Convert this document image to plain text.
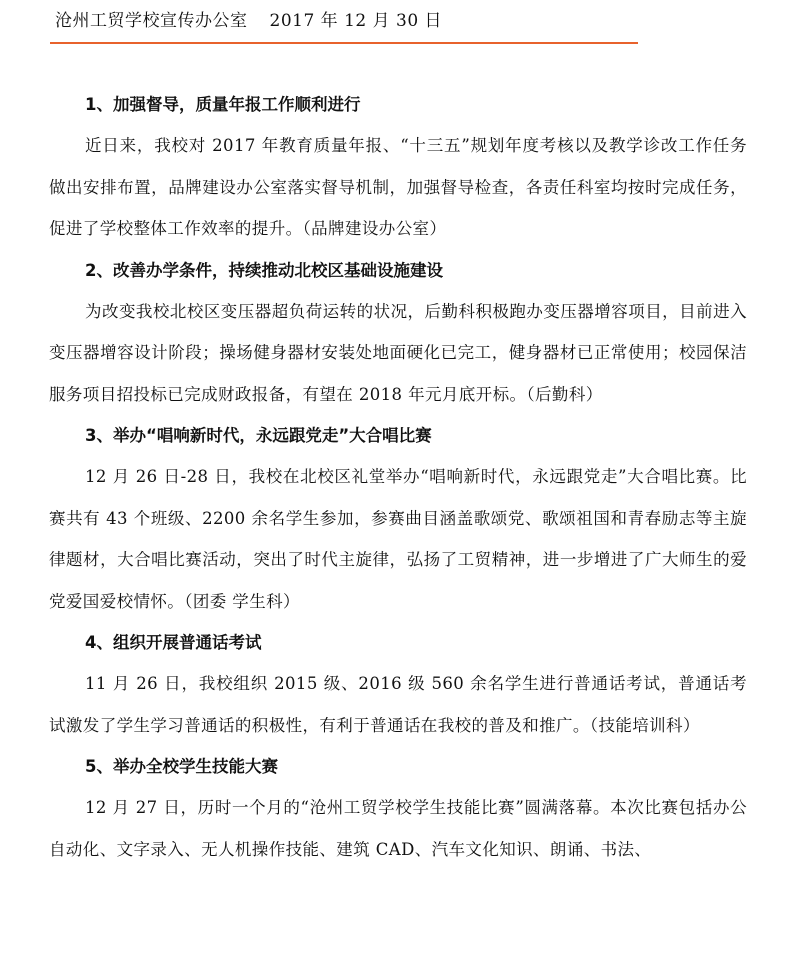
沧州工贸学校宣传办公室 2017 年 12 月 30 日

1、加强督导，质量年报工作顺利进行

近日来，我校对 2017 年教育质量年报、“十三五”规划年度考核以及教学诊改工作任务做出安排布置，品牌建设办公室落实督导机制，加强督导检查，各责任科室均按时完成任务，促进了学校整体工作效率的提升。（品牌建设办公室）

2、改善办学条件，持续推动北校区基础设施建设

为改变我校北校区变压器超负荷运转的状况，后勤科积极跑办变压器增容项目，目前进入变压器增容设计阶段；操场健身器材安装处地面硬化已完工，健身器材已正常使用；校园保洁服务项目招投标已完成财政报备，有望在 2018 年元月底开标。（后勤科）

3、举办“唱响新时代，永远跟党走”大合唱比赛

12 月 26 日-28 日，我校在北校区礼堂举办“唱响新时代，永远跟党走”大合唱比赛。比赛共有 43 个班级、2200 余名学生参加，参赛曲目涵盖歌颂党、歌颂祖国和青春励志等主旋律题材，大合唱比赛活动，突出了时代主旋律，弘扬了工贸精神，进一步增进了广大师生的爱党爱国爱校情怀。（团委 学生科）

4、组织开展普通话考试

11 月 26 日，我校组织 2015 级、2016 级 560 余名学生进行普通话考试，普通话考试激发了学生学习普通话的积极性，有利于普通话在我校的普及和推广。（技能培训科）

5、举办全校学生技能大赛

12 月 27 日，历时一个月的“沧州工贸学校学生技能比赛”圆满落幕。本次比赛包括办公自动化、文字录入、无人机操作技能、建筑 CAD、汽车文化知识、朗诵、书法、
